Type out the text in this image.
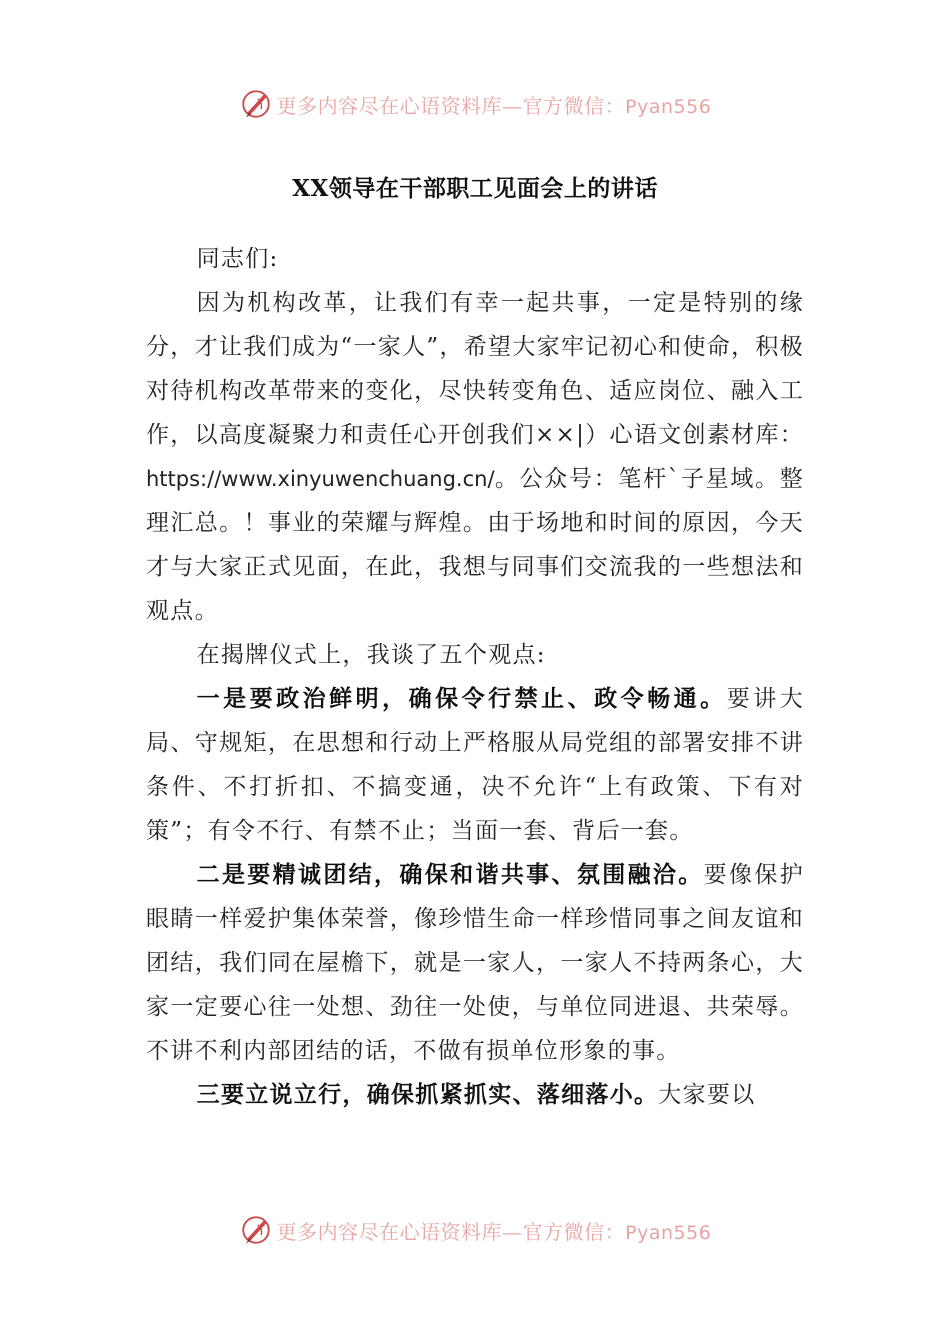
更多内容尽在心语资料库—官方微信：Pyan556
XX领导在干部职工见面会上的讲话

同志们:

因为机构改革，让我们有幸一起共事，一定是特别的缘分，才让我们成为“一家人”，希望大家牢记初心和使命，积极对待机构改革带来的变化，尽快转变角色、适应岗位、融入工作，以高度凝聚力和责任心开创我们××|）心语文创素材库：https://www.xinyuwenchuang.cn/。公众号：笔杆`子星域。整理汇总。！事业的荣耀与辉煌。由于场地和时间的原因，今天才与大家正式见面，在此，我想与同事们交流我的一些想法和观点。

在揭牌仪式上，我谈了五个观点:

一是要政治鲜明，确保令行禁止、政令畅通。要讲大局、守规矩，在思想和行动上严格服从局党组的部署安排不讲条件、不打折扣、不搞变通，决不允许“上有政策、下有对策”；有令不行、有禁不止；当面一套、背后一套。

二是要精诚团结，确保和谐共事、氛围融洽。要像保护眼睛一样爱护集体荣誉，像珍惜生命一样珍惜同事之间友谊和团结，我们同在屋檐下，就是一家人，一家人不持两条心，大家一定要心往一处想、劲往一处使，与单位同进退、共荣辱。不讲不利内部团结的话，不做有损单位形象的事。

三要立说立行，确保抓紧抓实、落细落小。大家要以

更多内容尽在心语资料库—官方微信：Pyan556
